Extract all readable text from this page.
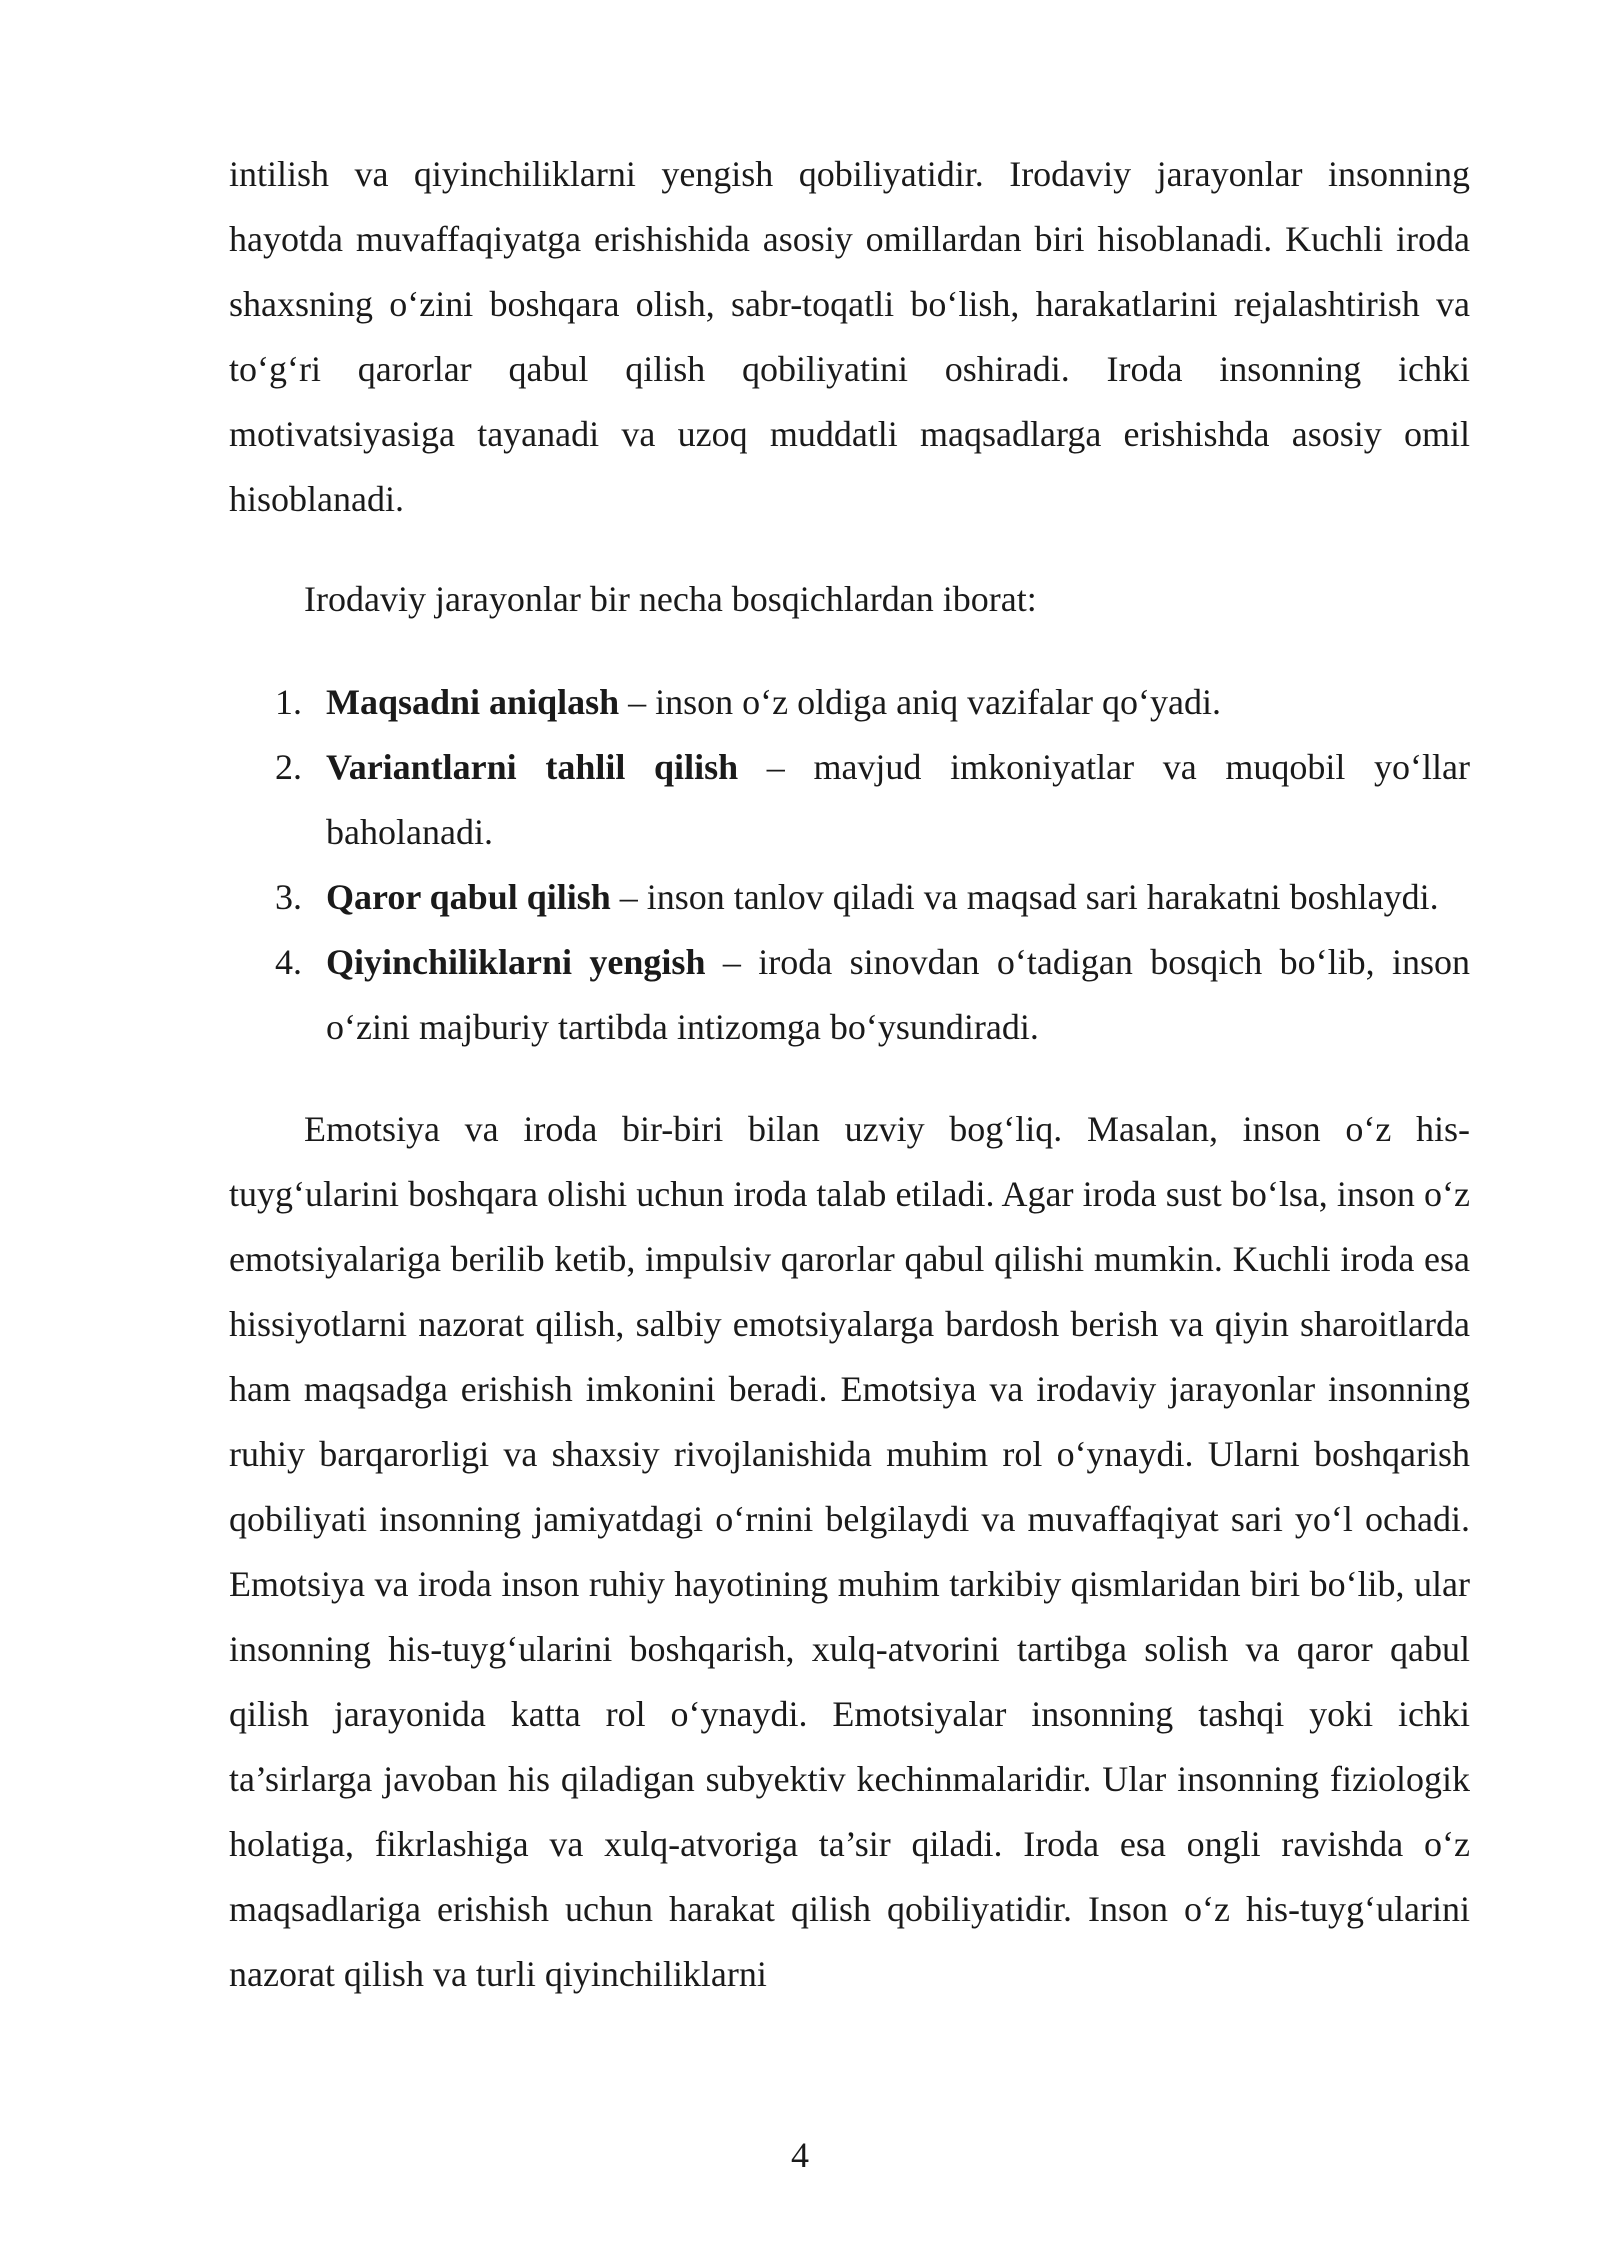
intilish va qiyinchiliklarni yengish qobiliyatidir. Irodaviy jarayonlar insonning hayotda muvaffaqiyatga erishishida asosiy omillardan biri hisoblanadi. Kuchli iroda shaxsning o‘zini boshqara olish, sabr-toqatli bo‘lish, harakatlarini rejalashtirish va to‘g‘ri qarorlar qabul qilish qobiliyatini oshiradi. Iroda insonning ichki motivatsiyasiga tayanadi va uzoq muddatli maqsadlarga erishishda asosiy omil hisoblanadi.

Irodaviy jarayonlar bir necha bosqichlardan iborat:

1. Maqsadni aniqlash – inson o‘z oldiga aniq vazifalar qo‘yadi.
2. Variantlarni tahlil qilish – mavjud imkoniyatlar va muqobil yo‘llar baholanadi.
3. Qaror qabul qilish – inson tanlov qiladi va maqsad sari harakatni boshlaydi.
4. Qiyinchiliklarni yengish – iroda sinovdan o‘tadigan bosqich bo‘lib, inson o‘zini majburiy tartibda intizomga bo‘ysundiradi.

Emotsiya va iroda bir-biri bilan uzviy bog‘liq. Masalan, inson o‘z his-tuyg‘ularini boshqara olishi uchun iroda talab etiladi. Agar iroda sust bo‘lsa, inson o‘z emotsiyalariga berilib ketib, impulsiv qarorlar qabul qilishi mumkin. Kuchli iroda esa hissiyotlarni nazorat qilish, salbiy emotsiyalarga bardosh berish va qiyin sharoitlarda ham maqsadga erishish imkonini beradi. Emotsiya va irodaviy jarayonlar insonning ruhiy barqarorligi va shaxsiy rivojlanishida muhim rol o‘ynaydi. Ularni boshqarish qobiliyati insonning jamiyatdagi o‘rnini belgilaydi va muvaffaqiyat sari yo‘l ochadi. Emotsiya va iroda inson ruhiy hayotining muhim tarkibiy qismlaridan biri bo‘lib, ular insonning his-tuyg‘ularini boshqarish, xulq-atvorini tartibga solish va qaror qabul qilish jarayonida katta rol o‘ynaydi. Emotsiyalar insonning tashqi yoki ichki ta’sirlarga javoban his qiladigan subyektiv kechinmalaridir. Ular insonning fiziologik holatiga, fikrlashiga va xulq-atvoriga ta’sir qiladi. Iroda esa ongli ravishda o‘z maqsadlariga erishish uchun harakat qilish qobiliyatidir. Inson o‘z his-tuyg‘ularini nazorat qilish va turli qiyinchiliklarni

4
